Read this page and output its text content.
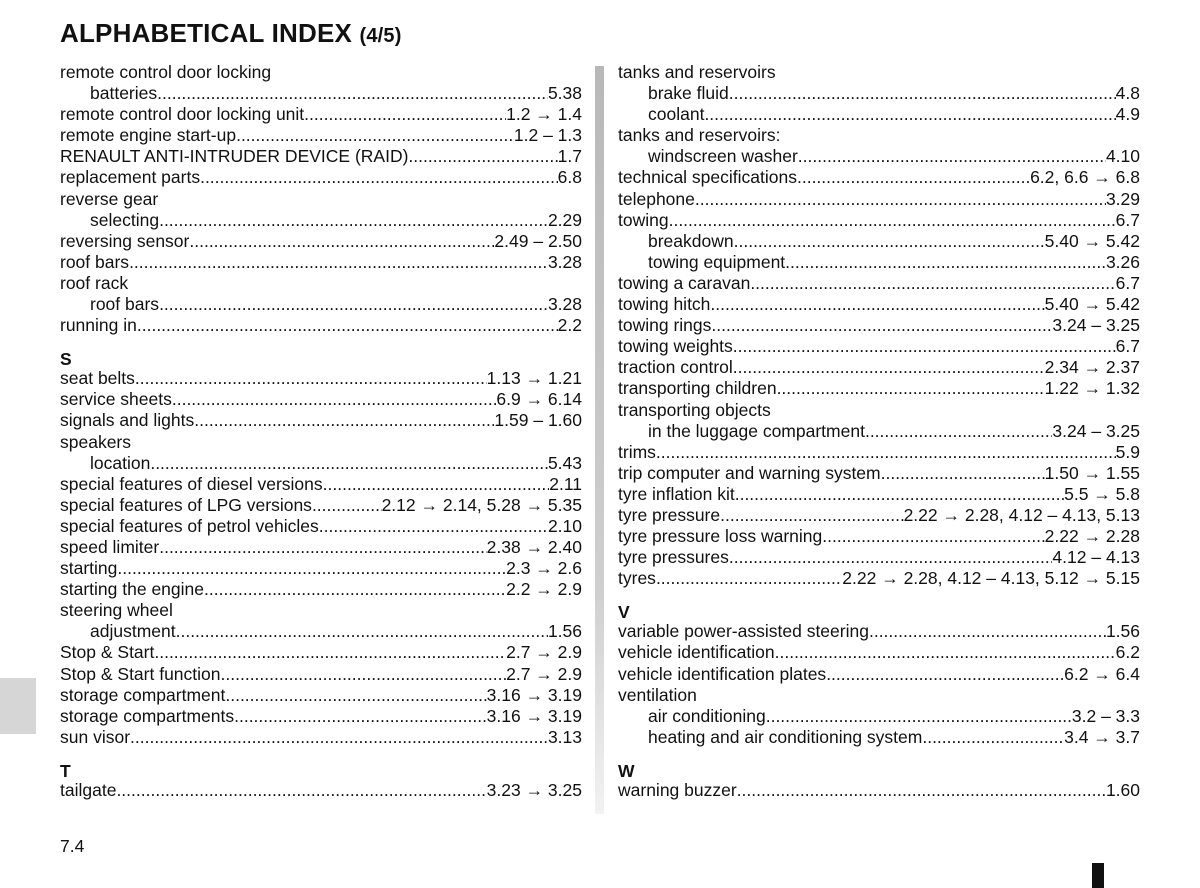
ALPHABETICAL INDEX (4/5)
remote control door locking
batteries .....	5.38
remote control door locking unit .....	1.2 → 1.4
remote engine start-up .....	1.2 – 1.3
RENAULT ANTI-INTRUDER DEVICE (RAID) .....	1.7
replacement parts .....	6.8
reverse gear
selecting .....	2.29
reversing sensor .....	2.49 – 2.50
roof bars .....	3.28
roof rack
roof bars .....	3.28
running in .....	2.2
S
seat belts .....	1.13 → 1.21
service sheets .....	6.9 → 6.14
signals and lights .....	1.59 – 1.60
speakers
location .....	5.43
special features of diesel versions .....	2.11
special features of LPG versions .....	2.12 → 2.14, 5.28 → 5.35
special features of petrol vehicles .....	2.10
speed limiter .....	2.38 → 2.40
starting .....	2.3 → 2.6
starting the engine .....	2.2 → 2.9
steering wheel
adjustment .....	1.56
Stop & Start .....	2.7 → 2.9
Stop & Start function .....	2.7 → 2.9
storage compartment .....	3.16 → 3.19
storage compartments .....	3.16 → 3.19
sun visor .....	3.13
T
tailgate .....	3.23 → 3.25
tanks and reservoirs
brake fluid .....	4.8
coolant .....	4.9
tanks and reservoirs:
windscreen washer .....	4.10
technical specifications .....	6.2, 6.6 → 6.8
telephone .....	3.29
towing .....	6.7
breakdown .....	5.40 → 5.42
towing equipment .....	3.26
towing a caravan .....	6.7
towing hitch .....	5.40 → 5.42
towing rings .....	3.24 – 3.25
towing weights .....	6.7
traction control .....	2.34 → 2.37
transporting children .....	1.22 → 1.32
transporting objects
in the luggage compartment .....	3.24 – 3.25
trims .....	5.9
trip computer and warning system. .....	1.50 → 1.55
tyre inflation kit .....	5.5 → 5.8
tyre pressure .....	2.22 → 2.28, 4.12 – 4.13, 5.13
tyre pressure loss warning .....	2.22 → 2.28
tyre pressures .....	4.12 – 4.13
tyres .....	2.22 → 2.28, 4.12 – 4.13, 5.12 → 5.15
V
variable power-assisted steering .....	1.56
vehicle identification .....	6.2
vehicle identification plates .....	6.2 → 6.4
ventilation
air conditioning .....	3.2 – 3.3
heating and air conditioning system .....	3.4 → 3.7
W
warning buzzer .....	1.60
7.4
